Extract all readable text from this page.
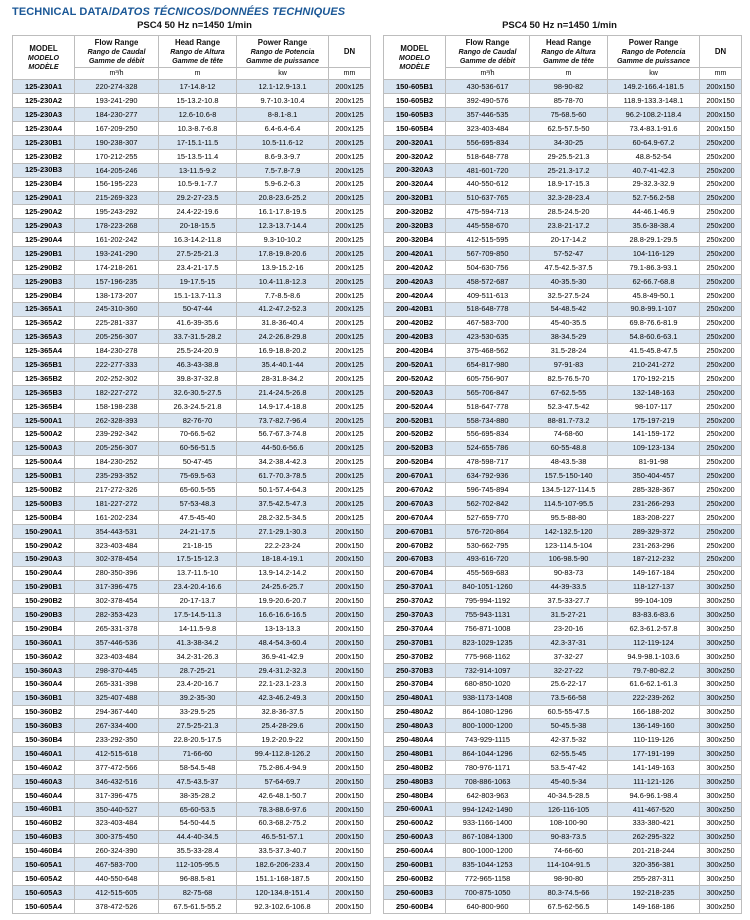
TECHNICAL DATA/DATOS TÉCNICOS/DONNÉES TECHNIQUES
PSC4 50 Hz n=1450 1/min	PSC4 50 Hz n=1450 1/min
MODEL
MODELO
MODÈLE

Flow Range
Rango de Caudal
Gamme de débit

Head Range
Rango de Altura
Gamme de tête

Power Range
Rango de Potencia
Gamme de puissance

DN

	m³/h	m	kw	mm
125-230A1	220-274-328	17-14.8-12	12.1-12.9-13.1	200x125
125-230A2	193-241-290	15-13.2-10.8	9.7-10.3-10.4	200x125
125-230A3	184-230-277	12.6-10.6-8	8-8.1-8.1	200x125
125-230A4	167-209-250	10.3-8.7-6.8	6.4-6.4-6.4	200x125
125-230B1	190-238-307	17-15.1-11.5	10.5-11.6-12	200x125
125-230B2	170-212-255	15-13.5-11.4	8.6-9.3-9.7	200x125
125-230B3	164-205-246	13-11.5-9.2	7.5-7.8-7.9	200x125
125-230B4	156-195-223	10.5-9.1-7.7	5.9-6.2-6.3	200x125
125-290A1	215-269-323	29.2-27-23.5	20.8-23.6-25.2	200x125
125-290A2	195-243-292	24.4-22-19.6	16.1-17.8-19.5	200x125
125-290A3	178-223-268	20-18-15.5	12.3-13.7-14.4	200x125
125-290A4	161-202-242	16.3-14.2-11.8	9.3-10-10.2	200x125
125-290B1	193-241-290	27.5-25-21.3	17.8-19.8-20.6	200x125
125-290B2	174-218-261	23.4-21-17.5	13.9-15.2-16	200x125
125-290B3	157-196-235	19-17.5-15	10.4-11.8-12.3	200x125
125-290B4	138-173-207	15.1-13.7-11.3	7.7-8.5-8.6	200x125
125-365A1	245-310-360	50-47-44	41.2-47.2-52.3	200x125
125-365A2	225-281-337	41.6-39-35.6	31.8-36-40.4	200x125
125-365A3	205-256-307	33.7-31.5-28.2	24.2-26.8-29.8	200x125
125-365A4	184-230-278	25.5-24-20.9	16.9-18.8-20.2	200x125
125-365B1	222-277-333	46.3-43-38.8	35.4-40.1-44	200x125
125-365B2	202-252-302	39.8-37-32.8	28-31.8-34.2	200x125
125-365B3	182-227-272	32.6-30.5-27.5	21.4-24.5-26.8	200x125
125-365B4	158-198-238	26.3-24.5-21.8	14.9-17.4-18.8	200x125
125-500A1	262-328-393	82-76-70	73.7-82.7-96.4	200x125
125-500A2	239-292-342	70-66.5-62	56.7-67.3-74.8	200x125
125-500A3	205-256-307	60-56-51.5	44-50.6-56.6	200x125
125-500A4	184-230-252	50-47-45	34.2-38.4-42.3	200x125
125-500B1	235-293-352	75-69.5-63	61.7-70.3-78.5	200x125
125-500B2	217-272-326	65-60.5-55	50.1-57.4-64.3	200x125
125-500B3	181-227-272	57-53-48.3	37.5-42.5-47.3	200x125
125-500B4	161-202-234	47.5-45-40	28.2-32.5-34.5	200x125
150-290A1	354-443-531	24-21-17.5	27.1-29.1-30.3	200x150
150-290A2	323-403-484	21-18-15	22.2-23-24	200x150
150-290A3	302-378-454	17.5-15-12.3	18-18.4-19.1	200x150
150-290A4	280-350-396	13.7-11.5-10	13.9-14.2-14.2	200x150
150-290B1	317-396-475	23.4-20.4-16.6	24-25.6-25.7	200x150
150-290B2	302-378-454	20-17-13.7	19.9-20.6-20.7	200x150
150-290B3	282-353-423	17.5-14.5-11.3	16.6-16.6-16.5	200x150
150-290B4	265-331-378	14-11.5-9.8	13-13-13.3	200x150
150-360A1	357-446-536	41.3-38-34.2	48.4-54.3-60.4	200x150
150-360A2	323-403-484	34.2-31-26.3	36.9-41-42.9	200x150
150-360A3	298-370-445	28.7-25-21	29.4-31.2-32.3	200x150
150-360A4	265-331-398	23.4-20-16.7	22.1-23.1-23.3	200x150
150-360B1	325-407-488	39.2-35-30	42.3-46.2-49.3	200x150
150-360B2	294-367-440	33-29.5-25	32.8-36-37.5	200x150
150-360B3	267-334-400	27.5-25-21.3	25.4-28-29.6	200x150
150-360B4	233-292-350	22.8-20.5-17.5	19.2-20.9-22	200x150
150-460A1	412-515-618	71-66-60	99.4-112.8-126.2	200x150
150-460A2	377-472-566	58-54.5-48	75.2-86.4-94.9	200x150
150-460A3	346-432-516	47.5-43.5-37	57-64-69.7	200x150
150-460A4	317-396-475	38-35-28.2	42.6-48.1-50.7	200x150
150-460B1	350-440-527	65-60-53.5	78.3-88.6-97.6	200x150
150-460B2	323-403-484	54-50-44.5	60.3-68.2-75.2	200x150
150-460B3	300-375-450	44.4-40-34.5	46.5-51-57.1	200x150
150-460B4	260-324-390	35.5-33-28.4	33.5-37.3-40.7	200x150
150-605A1	467-583-700	112-105-95.5	182.6-206-233.4	200x150
150-605A2	440-550-648	96-88.5-81	151.1-168-187.5	200x150
150-605A3	412-515-605	82-75-68	120-134.8-151.4	200x150
150-605A4	378-472-526	67.5-61.5-55.2	92.3-102.6-106.8	200x150
MODEL
MODELO
MODÈLE

Flow Range
Rango de Caudal
Gamme de débit

Head Range
Rango de Altura
Gamme de tête

Power Range
Rango de Potencia
Gamme de puissance

DN

	m³/h	m	kw	mm
150-605B1	430-536-617	98-90-82	149.2-166.4-181.5	200x150
150-605B2	392-490-576	85-78-70	118.9-133.3-148.1	200x150
150-605B3	357-446-535	75-68.5-60	96.2-108.2-118.4	200x150
150-605B4	323-403-484	62.5-57.5-50	73.4-83.1-91.6	200x150
200-320A1	556-695-834	34-30-25	60-64.9-67.2	250x200
200-320A2	518-648-778	29-25.5-21.3	48.8-52-54	250x200
200-320A3	481-601-720	25-21.3-17.2	40.7-41-42.3	250x200
200-320A4	440-550-612	18.9-17-15.3	29-32.3-32.9	250x200
200-320B1	510-637-765	32.3-28-23.4	52.7-56.2-58	250x200
200-320B2	475-594-713	28.5-24.5-20	44-46.1-46.9	250x200
200-320B3	445-558-670	23.8-21-17.2	35.6-38-38.4	250x200
200-320B4	412-515-595	20-17-14.2	28.8-29.1-29.5	250x200
200-420A1	567-709-850	57-52-47	104-116-129	250x200
200-420A2	504-630-756	47.5-42.5-37.5	79.1-86.3-93.1	250x200
200-420A3	458-572-687	40-35.5-30	62-66.7-68.8	250x200
200-420A4	409-511-613	32.5-27.5-24	45.8-49-50.1	250x200
200-420B1	518-648-778	54-48.5-42	90.8-99.1-107	250x200
200-420B2	467-583-700	45-40-35.5	69.8-76.6-81.9	250x200
200-420B3	423-530-635	38-34.5-29	54.8-60.6-63.1	250x200
200-420B4	375-468-562	31.5-28-24	41.5-45.8-47.5	250x200
200-520A1	654-817-980	97-91-83	210-241-272	250x200
200-520A2	605-756-907	82.5-76.5-70	170-192-215	250x200
200-520A3	565-706-847	67-62.5-55	132-148-163	250x200
200-520A4	518-647-778	52.3-47.5-42	98-107-117	250x200
200-520B1	558-734-880	88-81.7-73.2	175-197-219	250x200
200-520B2	556-695-834	74-68-60	141-159-172	250x200
200-520B3	524-655-786	60-55-48.8	109-123-134	250x200
200-520B4	478-598-717	48-43.5-38	81-91-98	250x200
200-670A1	634-792-936	157.5-150-140	350-404-457	250x200
200-670A2	596-745-894	134.5-127-114.5	285-328-367	250x200
200-670A3	562-702-842	114.5-107-95.5	231-266-293	250x200
200-670A4	527-659-770	95.5-88-80	183-208-227	250x200
200-670B1	576-720-864	142-132.5-120	289-329-372	250x200
200-670B2	530-662-795	123-114.5-104	231-263-296	250x200
200-670B3	493-616-720	106-98.5-90	187-212-232	250x200
200-670B4	455-569-683	90-83-73	149-167-184	250x200
250-370A1	840-1051-1260	44-39-33.5	118-127-137	300x250
250-370A2	795-994-1192	37.5-33-27.7	99-104-109	300x250
250-370A3	755-943-1131	31.5-27-21	83-83.6-83.6	300x250
250-370A4	756-871-1008	23-20-16	62.3-61.2-57.8	300x250
250-370B1	823-1029-1235	42.3-37-31	112-119-124	300x250
250-370B2	775-968-1162	37-32-27	94.9-98.1-103.6	300x250
250-370B3	732-914-1097	32-27-22	79.7-80-82.2	300x250
250-370B4	680-850-1020	25.6-22-17	61.6-62.1-61.3	300x250
250-480A1	938-1173-1408	73.5-66-58	222-239-262	300x250
250-480A2	864-1080-1296	60.5-55-47.5	166-188-202	300x250
250-480A3	800-1000-1200	50-45.5-38	136-149-160	300x250
250-480A4	743-929-1115	42-37.5-32	110-119-126	300x250
250-480B1	864-1044-1296	62-55.5-45	177-191-199	300x250
250-480B2	780-976-1171	53.5-47-42	141-149-163	300x250
250-480B3	708-886-1063	45-40.5-34	111-121-126	300x250
250-480B4	642-803-963	40-34.5-28.5	94.6-96.1-98.4	300x250
250-600A1	994-1242-1490	126-116-105	411-467-520	300x250
250-600A2	933-1166-1400	108-100-90	333-380-421	300x250
250-600A3	867-1084-1300	90-83-73.5	262-295-322	300x250
250-600A4	800-1000-1200	74-66-60	201-218-244	300x250
250-600B1	835-1044-1253	114-104-91.5	320-356-381	300x250
250-600B2	772-965-1158	98-90-80	255-287-311	300x250
250-600B3	700-875-1050	80.3-74.5-66	192-218-235	300x250
250-600B4	640-800-960	67.5-62-56.5	149-168-186	300x250
